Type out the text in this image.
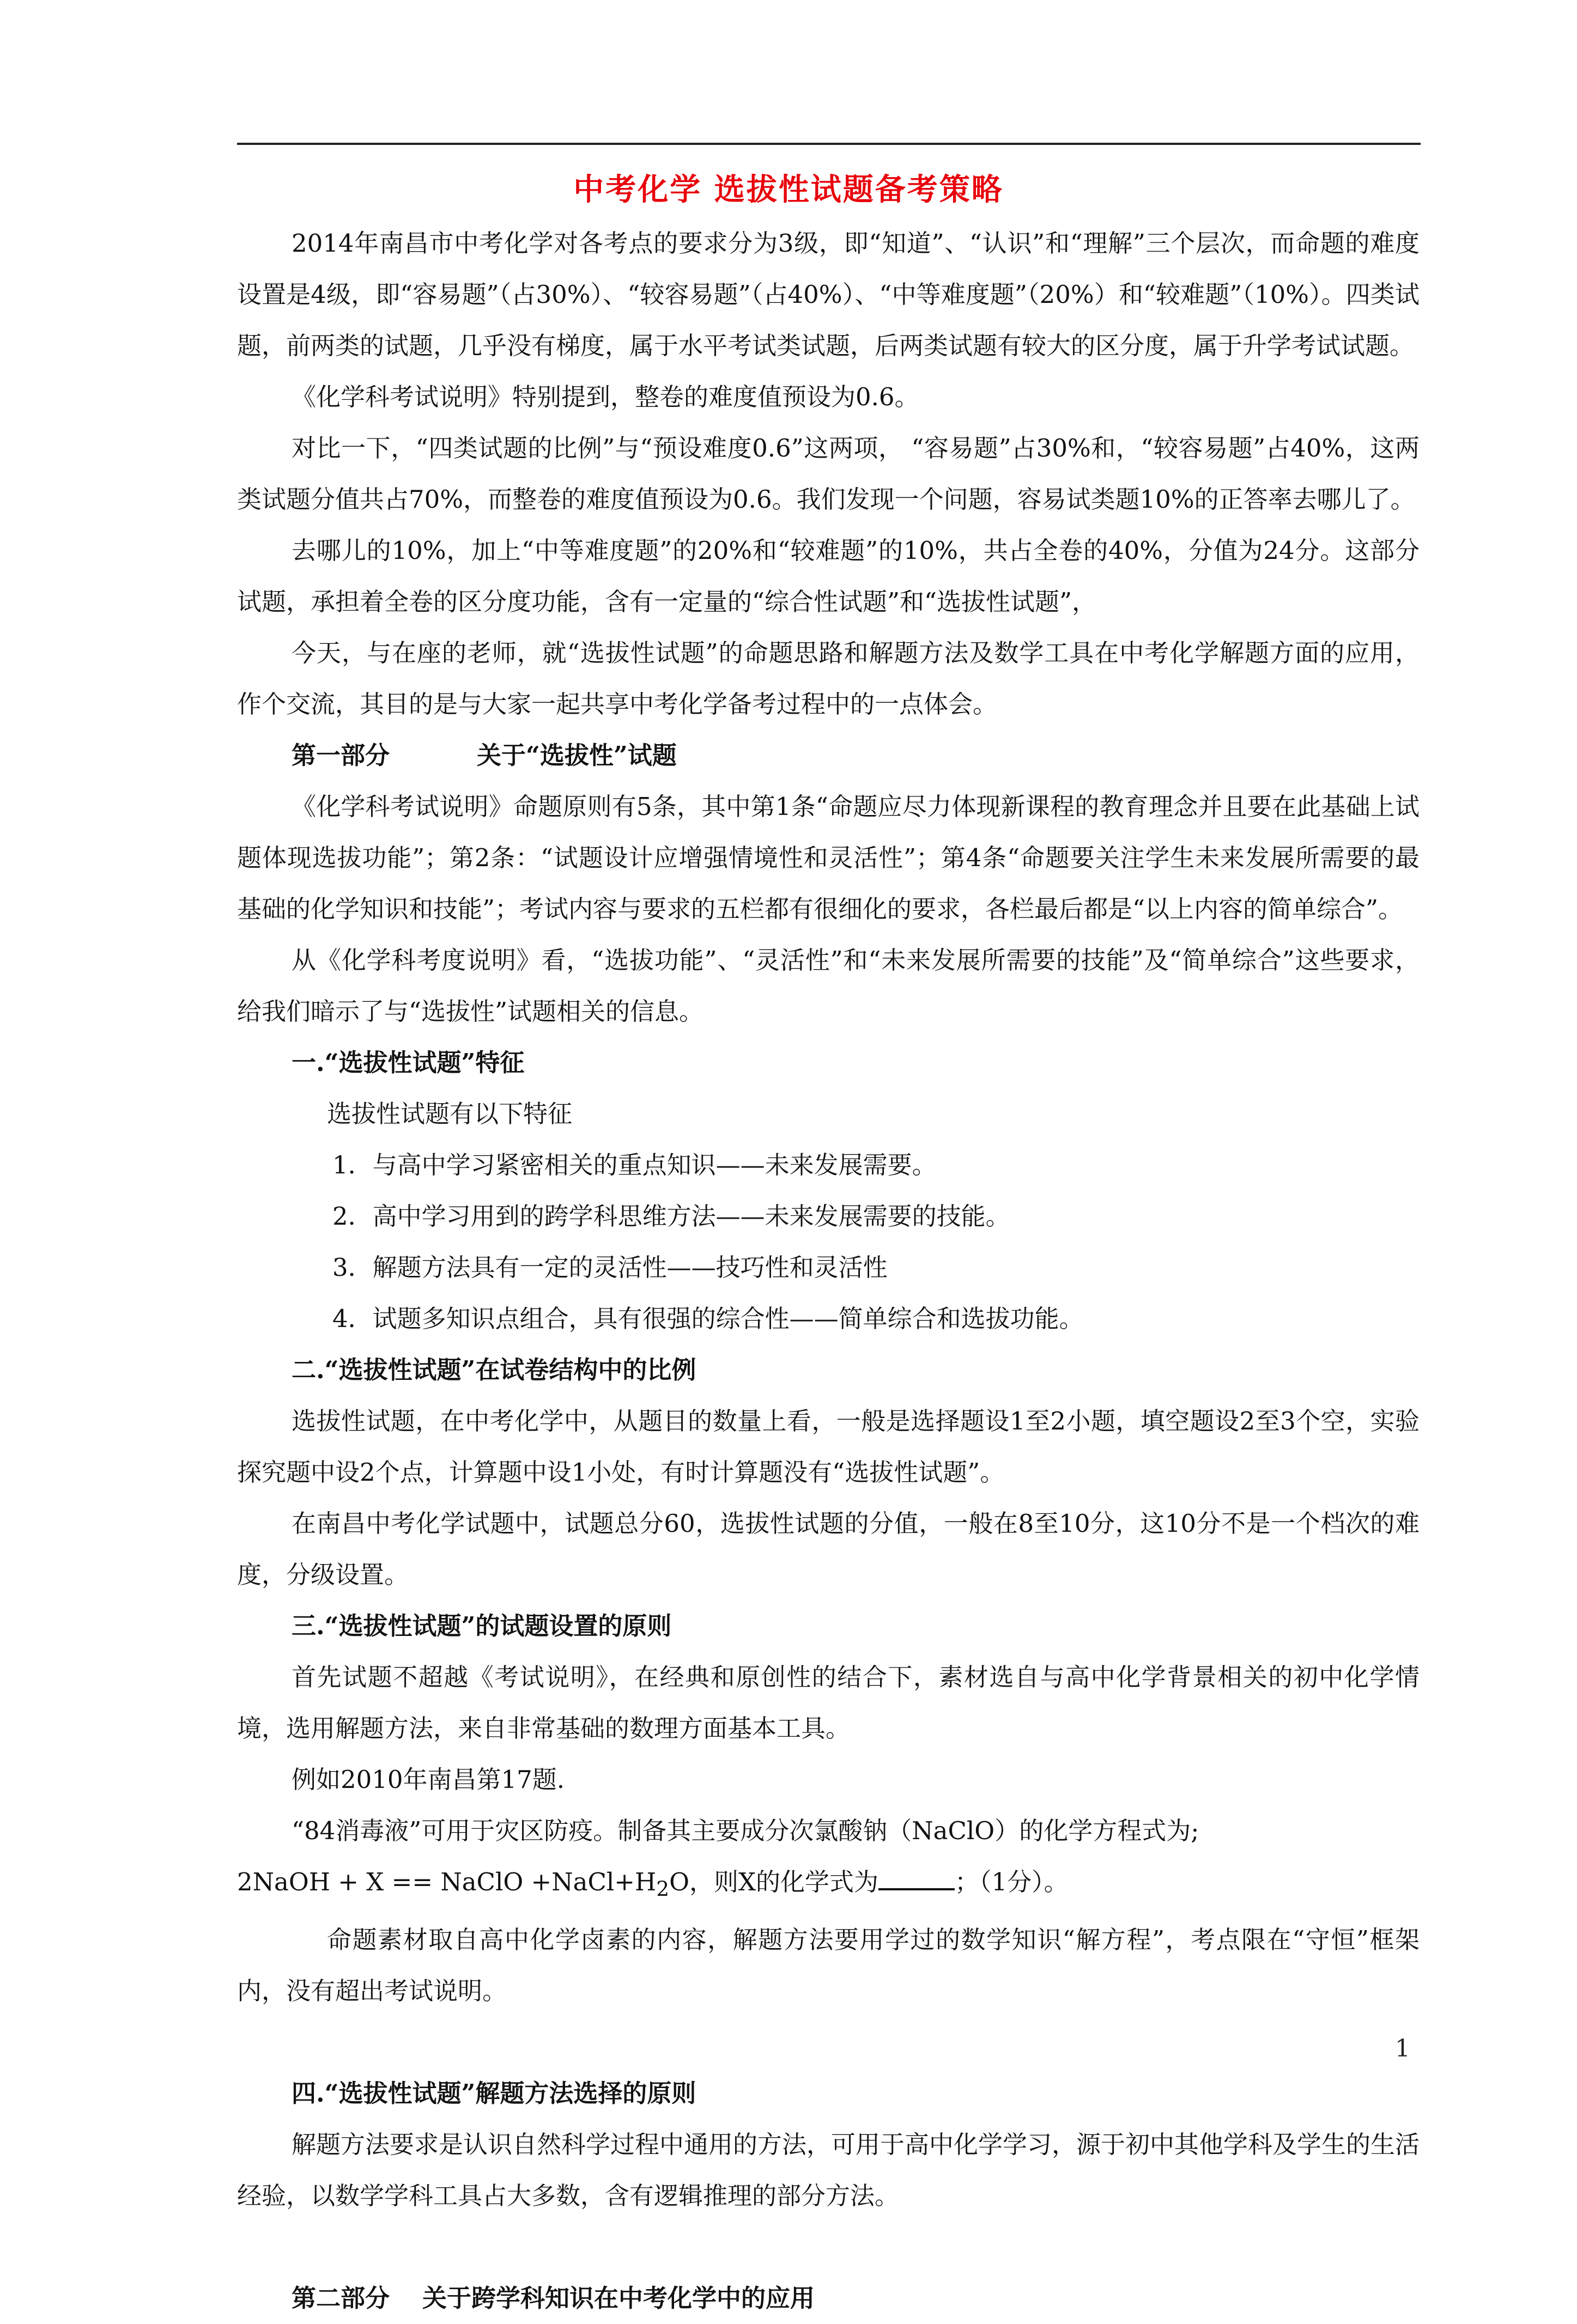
中考化学 选拔性试题备考策略

2014年南昌市中考化学对各考点的要求分为3级，即“知道”、“认识”和“理解”三个层次，而命题的难度设置是4级，即“容易题”（占30%）、“较容易题”（占40%）、“中等难度题”（20%）和“较难题”（10%）。四类试题，前两类的试题，几乎没有梯度，属于水平考试类试题，后两类试题有较大的区分度，属于升学考试试题。

《化学科考试说明》特别提到，整卷的难度值预设为0.6。

对比一下，“四类试题的比例”与“预设难度0.6”这两项， “容易题”占30%和，“较容易题”占40%，这两类试题分值共占70%，而整卷的难度值预设为0.6。我们发现一个问题，容易试类题10%的正答率去哪儿了。

去哪儿的10%，加上“中等难度题”的20%和“较难题”的10%，共占全卷的40%，分值为24分。这部分试题，承担着全卷的区分度功能，含有一定量的“综合性试题”和“选拔性试题”，

今天，与在座的老师，就“选拔性试题”的命题思路和解题方法及数学工具在中考化学解题方面的应用，作个交流，其目的是与大家一起共享中考化学备考过程中的一点体会。

第一部分	关于“选拔性”试题

《化学科考试说明》命题原则有5条，其中第1条“命题应尽力体现新课程的教育理念并且要在此基础上试题体现选拔功能”；第2条：“试题设计应增强情境性和灵活性”；第4条“命题要关注学生未来发展所需要的最基础的化学知识和技能”；考试内容与要求的五栏都有很细化的要求，各栏最后都是“以上内容的简单综合”。

从《化学科考度说明》看，“选拔功能”、“灵活性”和“未来发展所需要的技能”及“简单综合”这些要求，给我们暗示了与“选拔性”试题相关的信息。

一.“选拔性试题”特征

选拔性试题有以下特征

1．与高中学习紧密相关的重点知识——未来发展需要。

2．高中学习用到的跨学科思维方法——未来发展需要的技能。

3．解题方法具有一定的灵活性——技巧性和灵活性

4．试题多知识点组合，具有很强的综合性——简单综合和选拔功能。

二.“选拔性试题”在试卷结构中的比例

选拔性试题，在中考化学中，从题目的数量上看，一般是选择题设1至2小题，填空题设2至3个空，实验探究题中设2个点，计算题中设1小处，有时计算题没有“选拔性试题”。

在南昌中考化学试题中，试题总分60，选拔性试题的分值，一般在8至10分，这10分不是一个档次的难度，分级设置。

三.“选拔性试题”的试题设置的原则

首先试题不超越《考试说明》，在经典和原创性的结合下，素材选自与高中化学背景相关的初中化学情境，选用解题方法，来自非常基础的数理方面基本工具。

例如2010年南昌第17题.

“84消毒液”可用于灾区防疫。制备其主要成分次氯酸钠（NaClO）的化学方程式为;

2NaOH + X == NaClO $+NaCl+H_2O$，则X的化学式为	；（1分）。

命题素材取自高中化学卤素的内容，解题方法要用学过的数学知识“解方程”，考点限在“守恒”框架内，没有超出考试说明。

四.“选拔性试题”解题方法选择的原则

解题方法要求是认识自然科学过程中通用的方法，可用于高中化学学习，源于初中其他学科及学生的生活经验，以数学学科工具占大多数，含有逻辑推理的部分方法。

第二部分 关于跨学科知识在中考化学中的应用

1
